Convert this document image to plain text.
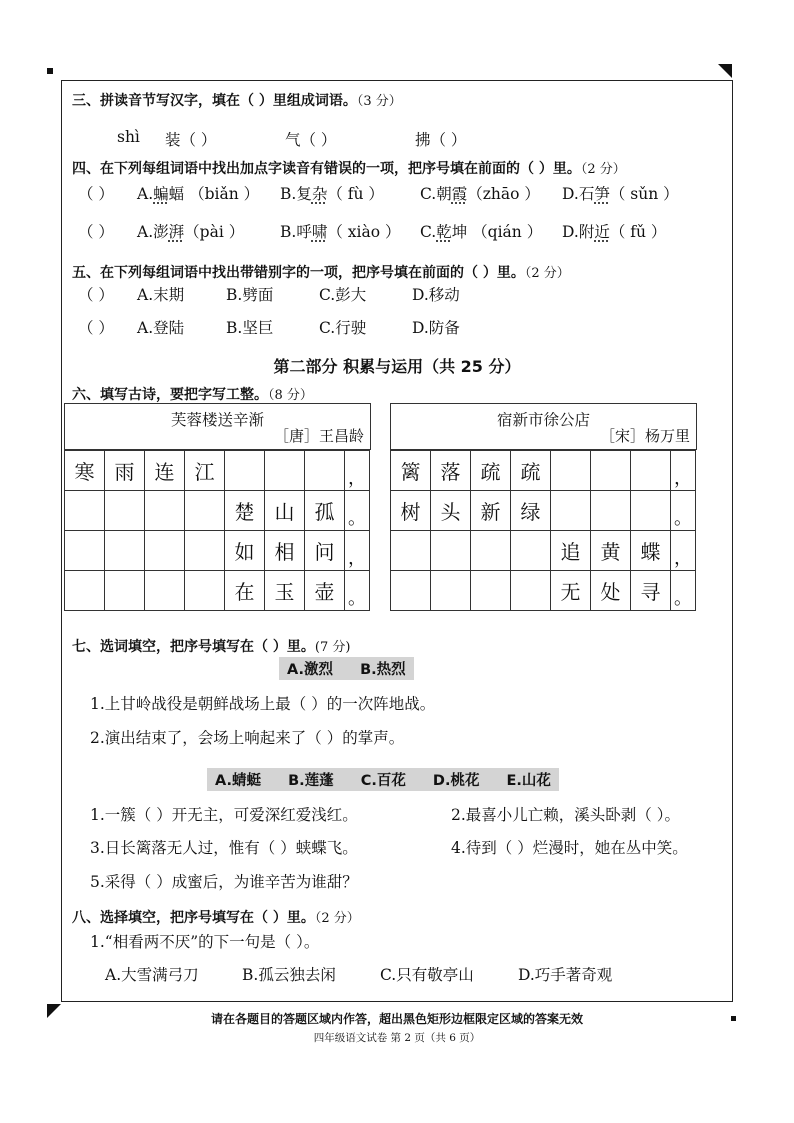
三、拼读音节写汉字，填在（ ）里组成词语。（3 分）
shì 装（ ）	气（ ）	拂（ ）
四、在下列每组词语中找出加点字读音有错误的一项，把序号填在前面的（ ）里。（2 分）
（ ） A.蝙蝠 （biǎn ） B.复杂（ fù ） C.朝霞（zhāo ） D.石笋（ sǔn ）
（ ） A.澎湃（pài ） B.呼啸（ xiào ） C.乾坤 （qián ） D.附近（ fǔ ）
五、在下列每组词语中找出带错别字的一项，把序号填在前面的（ ）里。（2 分）
（ ） A.末期	B.劈面	C.彭大	D.移动
（ ） A.登陆	B.坚巨	C.行驶	D.防备
第二部分 积累与运用（共 25 分）
六、填写古诗，要把字写工整。（8 分）
芙蓉楼送辛渐
［唐］王昌龄
宿新市徐公店
［宋］杨万里
寒	雨	连	江				，
				楚	山	孤	。
				如	相	问	，
				在	玉	壶	。
篱	落	疏	疏				，
树	头	新	绿				。
				追	黄	蝶	，
				无	处	寻	。
七、选词填空，把序号填写在（ ）里。(7 分)
A.激烈 B.热烈
1.上甘岭战役是朝鲜战场上最（ ）的一次阵地战。
2.演出结束了，会场上响起来了（ ）的掌声。
A.蜻蜓 B.莲蓬 C.百花 D.桃花 E.山花
1.一簇（ ）开无主，可爱深红爱浅红。	2.最喜小儿亡赖，溪头卧剥（ ）。
3.日长篱落无人过，惟有（ ）蛱蝶飞。	4.待到（ ）烂漫时，她在丛中笑。
5.采得（ ）成蜜后，为谁辛苦为谁甜？
八、选择填空，把序号填写在（ ）里。（2 分）
1.“相看两不厌”的下一句是（ ）。
A.大雪满弓刀	B.孤云独去闲	C.只有敬亭山	D.巧手著奇观
请在各题目的答题区域内作答，超出黑色矩形边框限定区域的答案无效
四年级语文试卷 第 2 页（共 6 页）
